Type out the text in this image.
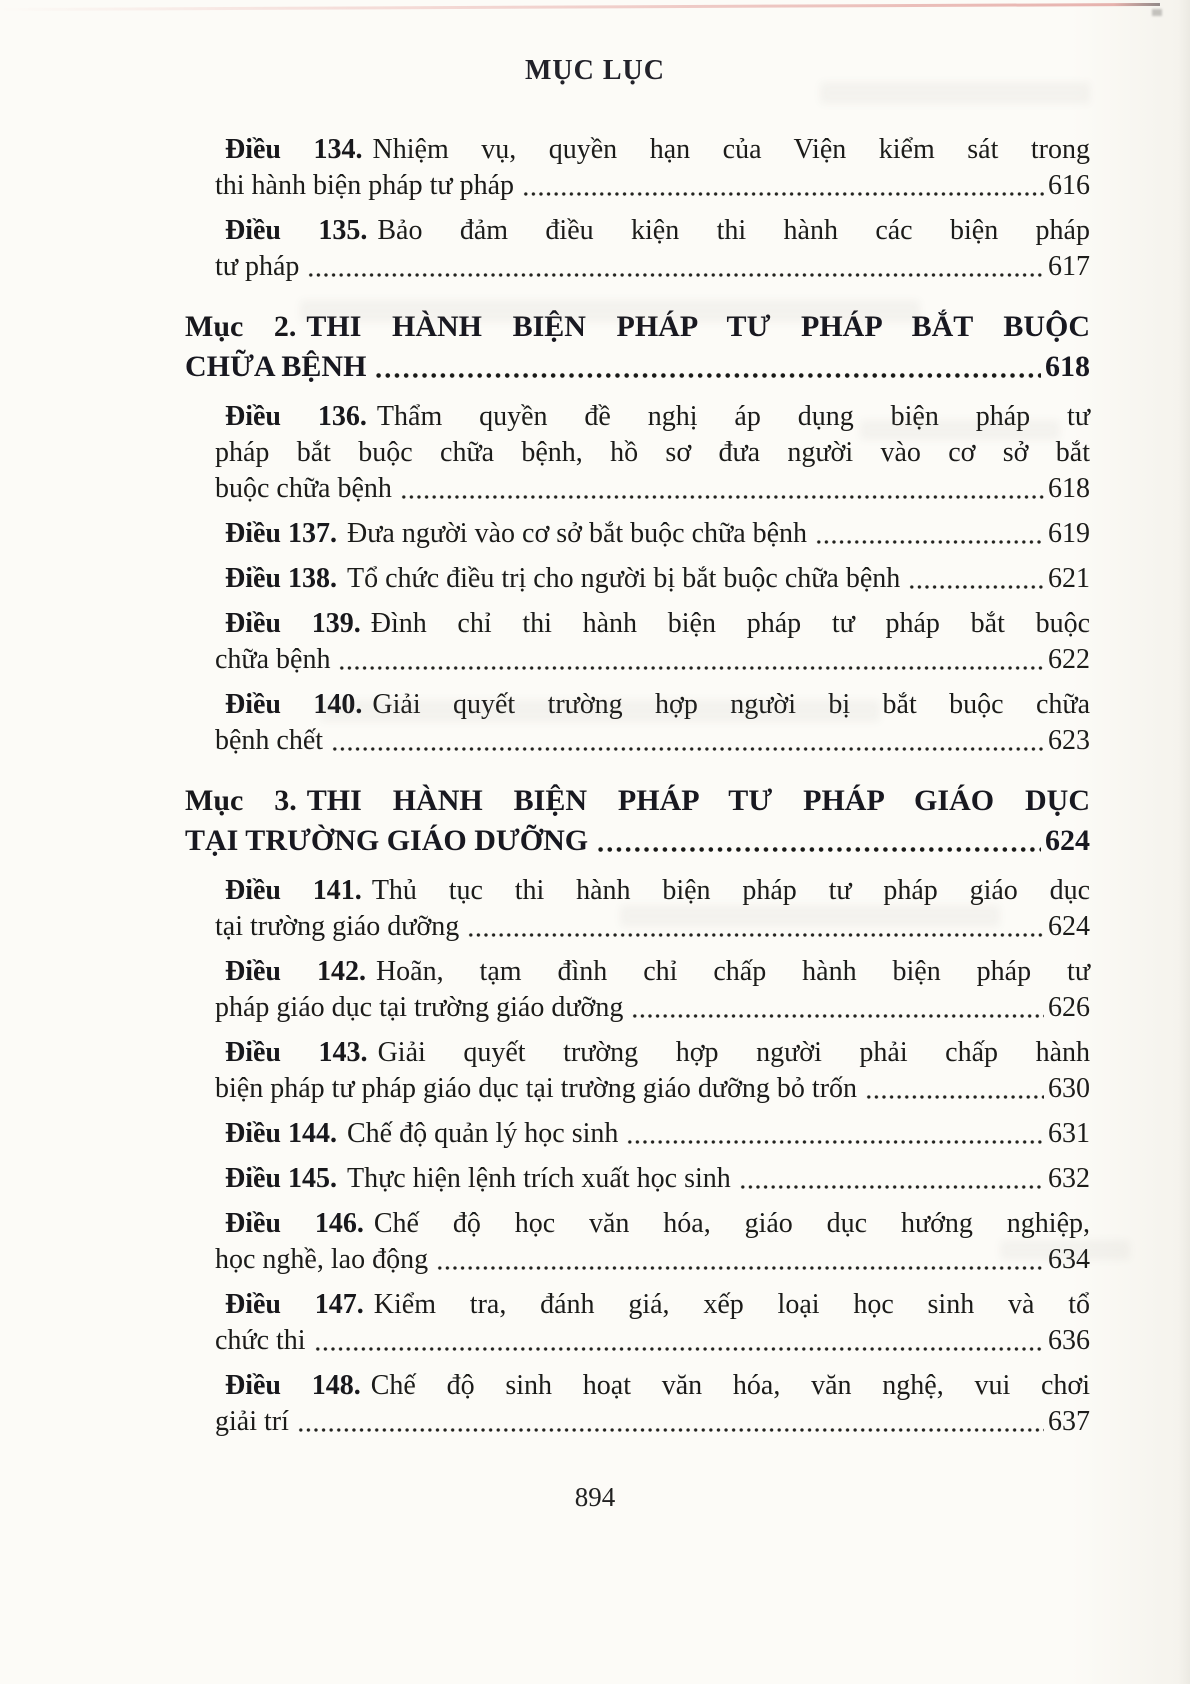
MỤC LỤC
Điều 134. Nhiệm vụ, quyền hạn của Viện kiểm sát trong
thi hành biện pháp tư pháp	616
Điều 135. Bảo đảm điều kiện thi hành các biện pháp
tư pháp	617
Mục 2. THI HÀNH BIỆN PHÁP TƯ PHÁP BẮT BUỘC
CHỮA BỆNH	618
Điều 136. Thẩm quyền đề nghị áp dụng biện pháp tư
pháp bắt buộc chữa bệnh, hồ sơ đưa người vào cơ sở bắt
buộc chữa bệnh	618
Điều 137. Đưa người vào cơ sở bắt buộc chữa bệnh	619
Điều 138. Tổ chức điều trị cho người bị bắt buộc chữa bệnh	621
Điều 139. Đình chỉ thi hành biện pháp tư pháp bắt buộc
chữa bệnh	622
Điều 140. Giải quyết trường hợp người bị bắt buộc chữa
bệnh chết	623
Mục 3. THI HÀNH BIỆN PHÁP TƯ PHÁP GIÁO DỤC
TẠI TRƯỜNG GIÁO DƯỠNG	624
Điều 141. Thủ tục thi hành biện pháp tư pháp giáo dục
tại trường giáo dưỡng	624
Điều 142. Hoãn, tạm đình chỉ chấp hành biện pháp tư
pháp giáo dục tại trường giáo dưỡng	626
Điều 143. Giải quyết trường hợp người phải chấp hành
biện pháp tư pháp giáo dục tại trường giáo dưỡng bỏ trốn	630
Điều 144. Chế độ quản lý học sinh	631
Điều 145. Thực hiện lệnh trích xuất học sinh	632
Điều 146. Chế độ học văn hóa, giáo dục hướng nghiệp,
học nghề, lao động	634
Điều 147. Kiểm tra, đánh giá, xếp loại học sinh và tổ
chức thi	636
Điều 148. Chế độ sinh hoạt văn hóa, văn nghệ, vui chơi
giải trí	637
894
